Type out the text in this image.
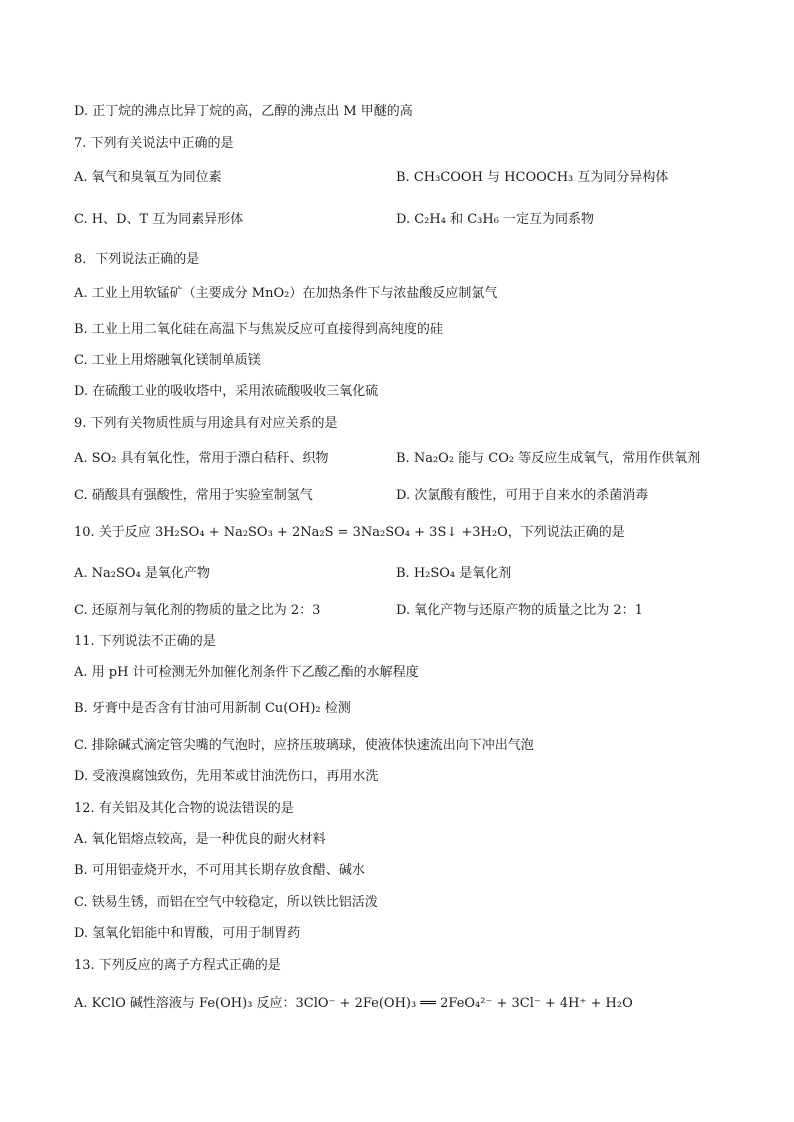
D. 正丁烷的沸点比异丁烷的高，乙醇的沸点出 M 甲醚的高
7. 下列有关说法中正确的是
A. 氧气和臭氧互为同位素	B. CH₃COOH 与 HCOOCH₃ 互为同分异构体
C. H、D、T 互为同素异形体	D. C₂H₄ 和 C₃H₆ 一定互为同系物
8．下列说法正确的是
A. 工业上用软锰矿（主要成分 MnO₂）在加热条件下与浓盐酸反应制氯气
B. 工业上用二氧化硅在高温下与焦炭反应可直接得到高纯度的硅
C. 工业上用熔融氧化镁制单质镁
D. 在硫酸工业的吸收塔中，采用浓硫酸吸收三氧化硫
9. 下列有关物质性质与用途具有对应关系的是
A. SO₂ 具有氧化性，常用于漂白秸秆、织物	B. Na₂O₂ 能与 CO₂ 等反应生成氧气，常用作供氧剂
C. 硝酸具有强酸性，常用于实验室制氢气	D. 次氯酸有酸性，可用于自来水的杀菌消毒
10. 关于反应 3H₂SO₄ + Na₂SO₃ + 2Na₂S = 3Na₂SO₄ + 3S↓ +3H₂O，下列说法正确的是
A. Na₂SO₄ 是氧化产物	B. H₂SO₄ 是氧化剂
C. 还原剂与氧化剂的物质的量之比为 2：3	D. 氧化产物与还原产物的质量之比为 2：1
11. 下列说法不正确的是
A. 用 pH 计可检测无外加催化剂条件下乙酸乙酯的水解程度
B. 牙膏中是否含有甘油可用新制 Cu(OH)₂ 检测
C. 排除碱式滴定管尖嘴的气泡时，应挤压玻璃球，使液体快速流出向下冲出气泡
D. 受液溴腐蚀致伤，先用苯或甘油洗伤口，再用水洗
12. 有关铝及其化合物的说法错误的是
A. 氧化铝熔点较高，是一种优良的耐火材料
B. 可用铝壶烧开水，不可用其长期存放食醋、碱水
C. 铁易生锈，而铝在空气中较稳定，所以铁比铝活泼
D. 氢氧化铝能中和胃酸，可用于制胃药
13. 下列反应的离子方程式正确的是
A. KClO 碱性溶液与 Fe(OH)₃ 反应：3ClO⁻ + 2Fe(OH)₃ ══ 2FeO₄²⁻ + 3Cl⁻ + 4H⁺ + H₂O
